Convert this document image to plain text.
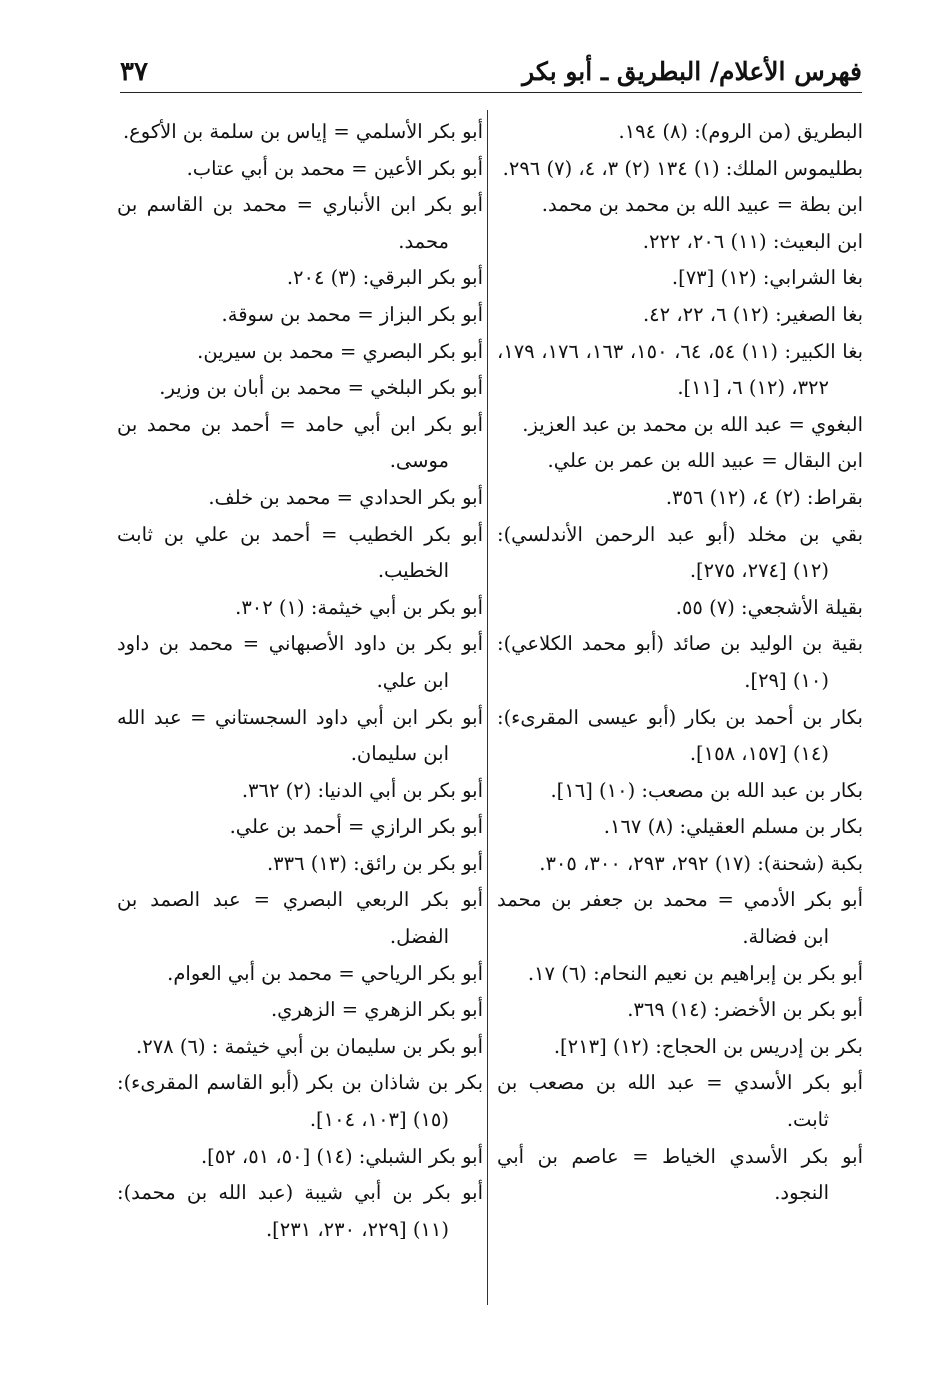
فهرس الأعلام/ البطريق ـ أبو بكر
٣٧

البطريق (من الروم): (٨) ١٩٤.

بطليموس الملك: (١) ١٣٤ (٢) ٣، ٤، (٧) ٢٩٦.

ابن بطة = عبيد الله بن محمد بن محمد.

ابن البعيث: (١١) ٢٠٦، ٢٢٢.

بغا الشرابي: (١٢) [٧٣].

بغا الصغير: (١٢) ٦، ٢٢، ٤٢.

بغا الكبير: (١١) ٥٤، ٦٤، ١٥٠، ١٦٣، ١٧٦، ١٧٩، ٣٢٢، (١٢) ٦، [١١].

البغوي = عبد الله بن محمد بن عبد العزيز.

ابن البقال = عبيد الله بن عمر بن علي.

بقراط: (٢) ٤، (١٢) ٣٥٦.

بقي بن مخلد (أبو عبد الرحمن الأندلسي): (١٢) [٢٧٤، ٢٧٥].

بقيلة الأشجعي: (٧) ٥٥.

بقية بن الوليد بن صائد (أبو محمد الكلاعي): (١٠) [٢٩].

بكار بن أحمد بن بكار (أبو عيسى المقرىء): (١٤) [١٥٧، ١٥٨].

بكار بن عبد الله بن مصعب: (١٠) [١٦].

بكار بن مسلم العقيلي: (٨) ١٦٧.

بكبة (شحنة): (١٧) ٢٩٢، ٢٩٣، ٣٠٠، ٣٠٥.

أبو بكر الأدمي = محمد بن جعفر بن محمد ابن فضالة.

أبو بكر بن إبراهيم بن نعيم النحام: (٦) ١٧.

أبو بكر بن الأخضر: (١٤) ٣٦٩.

بكر بن إدريس بن الحجاج: (١٢) [٢١٣].

أبو بكر الأسدي = عبد الله بن مصعب بن ثابت.

أبو بكر الأسدي الخياط = عاصم بن أبي النجود.

أبو بكر الأسلمي = إياس بن سلمة بن الأكوع.

أبو بكر الأعين = محمد بن أبي عتاب.

أبو بكر ابن الأنباري = محمد بن القاسم بن محمد.

أبو بكر البرقي: (٣) ٢٠٤.

أبو بكر البزاز = محمد بن سوقة.

أبو بكر البصري = محمد بن سيرين.

أبو بكر البلخي = محمد بن أبان بن وزير.

أبو بكر ابن أبي حامد = أحمد بن محمد بن موسى.

أبو بكر الحدادي = محمد بن خلف.

أبو بكر الخطيب = أحمد بن علي بن ثابت الخطيب.

أبو بكر بن أبي خيثمة: (١) ٣٠٢.

أبو بكر بن داود الأصبهاني = محمد بن داود ابن علي.

أبو بكر ابن أبي داود السجستاني = عبد الله ابن سليمان.

أبو بكر بن أبي الدنيا: (٢) ٣٦٢.

أبو بكر الرازي = أحمد بن علي.

أبو بكر بن رائق: (١٣) ٣٣٦.

أبو بكر الربعي البصري = عبد الصمد بن الفضل.

أبو بكر الرياحي = محمد بن أبي العوام.

أبو بكر الزهري = الزهري.

أبو بكر بن سليمان بن أبي خيثمة : (٦) ٢٧٨.

بكر بن شاذان بن بكر (أبو القاسم المقرىء): (١٥) [١٠٣، ١٠٤].

أبو بكر الشبلي: (١٤) [٥٠، ٥١، ٥٢].

أبو بكر بن أبي شيبة (عبد الله بن محمد): (١١) [٢٢٩، ٢٣٠، ٢٣١].
